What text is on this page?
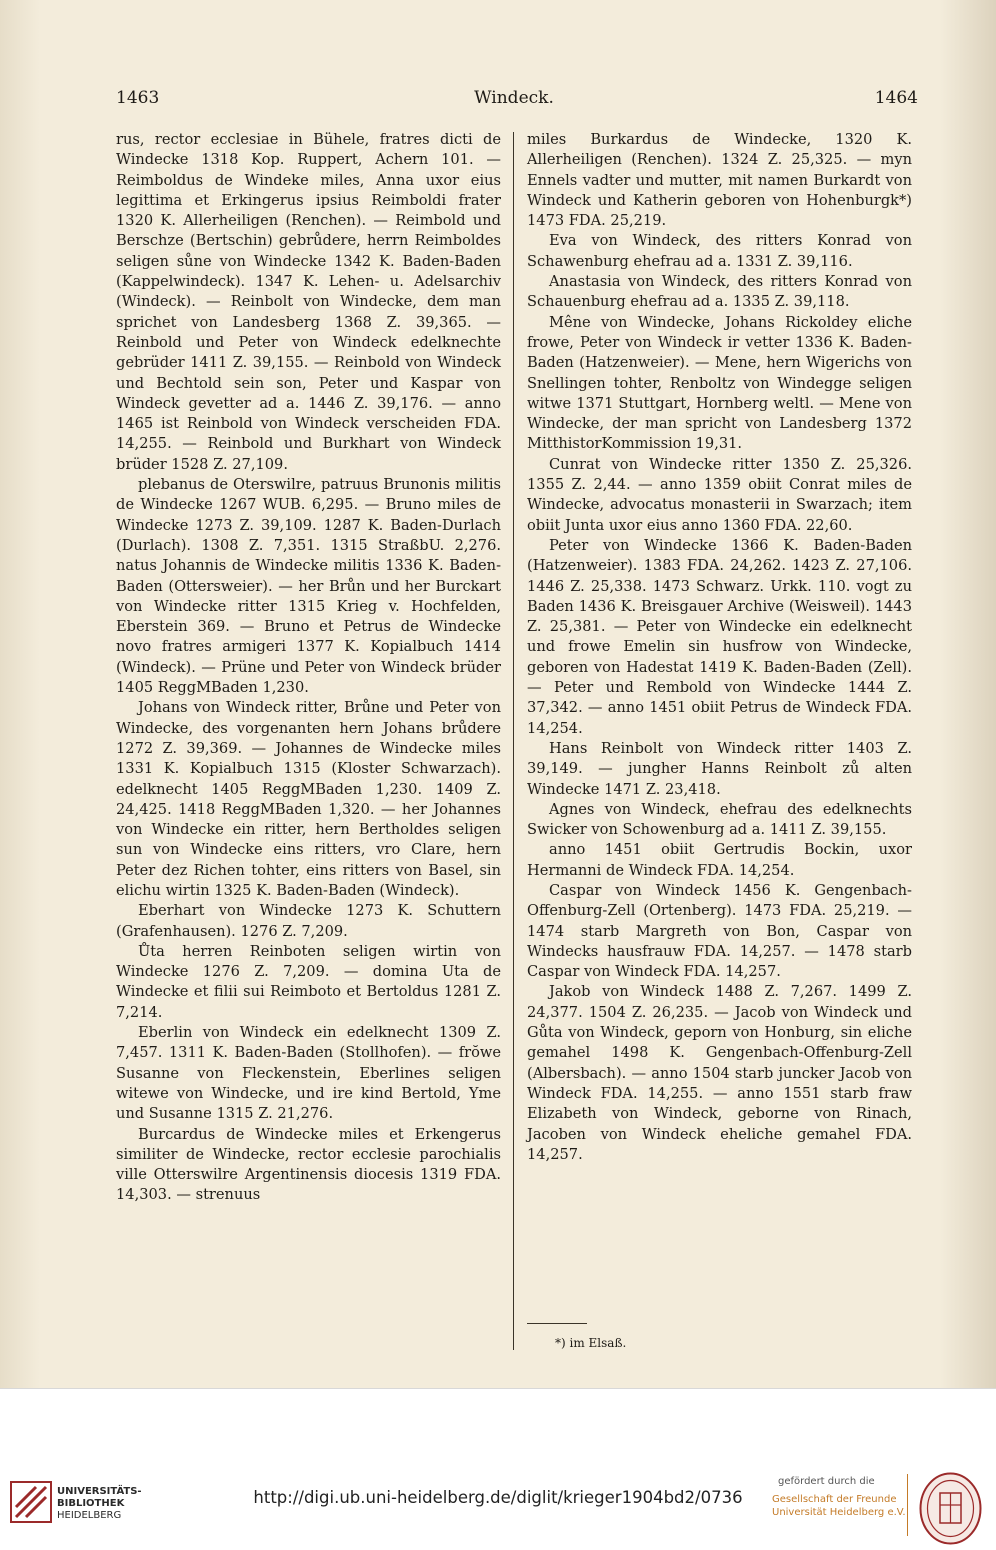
1463	Windeck.	1464

rus, rector ecclesiae in Bühele, fratres dicti de Windecke 1318 Kop. Ruppert, Achern 101. — Reimboldus de Windeke miles, Anna uxor eius legittima et Erkingerus ipsius Reimboldi frater 1320 K. Allerheiligen (Renchen). — Reimbold und Berschze (Bertschin) gebrůdere, herrn Reimboldes seligen sůne von Windecke 1342 K. Baden-Baden (Kappelwindeck). 1347 K. Lehen- u. Adelsarchiv (Windeck). — Reinbolt von Windecke, dem man sprichet von Landesberg 1368 Z. 39,365. — Reinbold und Peter von Windeck edelknechte gebrüder 1411 Z. 39,155. — Reinbold von Windeck und Bechtold sein son, Peter und Kaspar von Windeck gevetter ad a. 1446 Z. 39,176. — anno 1465 ist Reinbold von Windeck verscheiden FDA. 14,255. — Reinbold und Burkhart von Windeck brüder 1528 Z. 27,109.

plebanus de Oterswilre, patruus Brunonis militis de Windecke 1267 WUB. 6,295. — Bruno miles de Windecke 1273 Z. 39,109. 1287 K. Baden-Durlach (Durlach). 1308 Z. 7,351. 1315 StraßbU. 2,276. natus Johannis de Windecke militis 1336 K. Baden-Baden (Otterswеier). — her Brůn und her Burckart von Windecke ritter 1315 Krieg v. Hochfelden, Eberstein 369. — Bruno et Petrus de Windecke novo fratres armigeri 1377 K. Kopialbuch 1414 (Windeck). — Prüne und Peter von Windeck brüder 1405 ReggMBaden 1,230.

Johans von Windeck ritter, Brůne und Peter von Windecke, des vorgenanten hern Johans brůdere 1272 Z. 39,369. — Johannes de Windecke miles 1331 K. Kopialbuch 1315 (Kloster Schwarzach). edelknecht 1405 ReggMBaden 1,230. 1409 Z. 24,425. 1418 ReggMBaden 1,320. — her Johannes von Windecke ein ritter, hern Bertholdes seligen sun von Windecke eins ritters, vro Clare, hern Peter dez Richen tohter, eins ritters von Basel, sin elichu wirtin 1325 K. Baden-Baden (Windeck).

Eberhart von Windecke 1273 K. Schuttern (Grafenhausen). 1276 Z. 7,209.

Ůta herren Reinboten seligen wirtin von Windecke 1276 Z. 7,209. — domina Uta de Windecke et filii sui Reimboto et Bertoldus 1281 Z. 7,214.

Eberlin von Windeck ein edelknecht 1309 Z. 7,457. 1311 K. Baden-Baden (Stollhofen). — frŏwe Susanne von Fleckenstein, Eberlines seligen witewe von Windecke, und ire kind Bertold, Yme und Susanne 1315 Z. 21,276.

Burcardus de Windecke miles et Erkengerus similiter de Windecke, rector ecclesie parochialis ville Otterswilre Argentinensis diocesis 1319 FDA. 14,303. — strenuus

miles Burkardus de Windecke, 1320 K. Allerheiligen (Renchen). 1324 Z. 25,325. — myn Ennels vadter und mutter, mit namen Burkardt von Windeck und Katherin geboren von Hohenburgk*) 1473 FDA. 25,219.

Eva von Windeck, des ritters Konrad von Schawenburg ehefrau ad a. 1331 Z. 39,116.

Anastasia von Windeck, des ritters Konrad von Schauenburg ehefrau ad a. 1335 Z. 39,118.

Mêne von Windecke, Johans Rickoldey eliche frowe, Peter von Windeck ir vetter 1336 K. Baden-Baden (Hatzenweier). — Mene, hern Wigerichs von Snellingen tohter, Renboltz von Windegge seligen witwe 1371 Stuttgart, Hornberg weltl. — Mene von Windecke, der man spricht von Landesberg 1372 MitthistorKommission 19,31.

Cunrat von Windecke ritter 1350 Z. 25,326. 1355 Z. 2,44. — anno 1359 obiit Conrat miles de Windecke, advocatus monasterii in Swarzach; item obiit Junta uxor eius anno 1360 FDA. 22,60.

Peter von Windecke 1366 K. Baden-Baden (Hatzenweier). 1383 FDA. 24,262. 1423 Z. 27,106. 1446 Z. 25,338. 1473 Schwarz. Urkk. 110. vogt zu Baden 1436 K. Breisgauer Archive (Weisweil). 1443 Z. 25,381. — Peter von Windecke ein edelknecht und frowe Emelin sin husfrow von Windecke, geboren von Hadestat 1419 K. Baden-Baden (Zell). — Peter und Rembold von Windecke 1444 Z. 37,342. — anno 1451 obiit Petrus de Windeck FDA. 14,254.

Hans Reinbolt von Windeck ritter 1403 Z. 39,149. — jungher Hanns Reinbolt zů alten Windecke 1471 Z. 23,418.

Agnes von Windeck, ehefrau des edelknechts Swicker von Schowenburg ad a. 1411 Z. 39,155.

anno 1451 obiit Gertrudis Bockin, uxor Hermanni de Windeck FDA. 14,254.

Caspar von Windeck 1456 K. Gengenbach-Offenburg-Zell (Ortenberg). 1473 FDA. 25,219. — 1474 starb Margreth von Bon, Caspar von Windecks hausfrauw FDA. 14,257. — 1478 starb Caspar von Windeck FDA. 14,257.

Jakob von Windeck 1488 Z. 7,267. 1499 Z. 24,377. 1504 Z. 26,235. — Jacob von Windeck und Gůta von Windeck, geporn von Honburg, sin eliche gemahel 1498 K. Gengenbach-Offenburg-Zell (Albersbach). — anno 1504 starb juncker Jacob von Windeck FDA. 14,255. — anno 1551 starb fraw Elizabeth von Windeck, geborne von Rinach, Jacoben von Windeck eheliche gemahel FDA. 14,257.

*) im Elsaß.
UNIVERSITÄTS-
BIBLIOTHEK
HEIDELBERG
http://digi.ub.uni-heidelberg.de/diglit/krieger1904bd2/0736
gefördert durch die
Gesellschaft der Freunde
Universität Heidelberg e.V.
